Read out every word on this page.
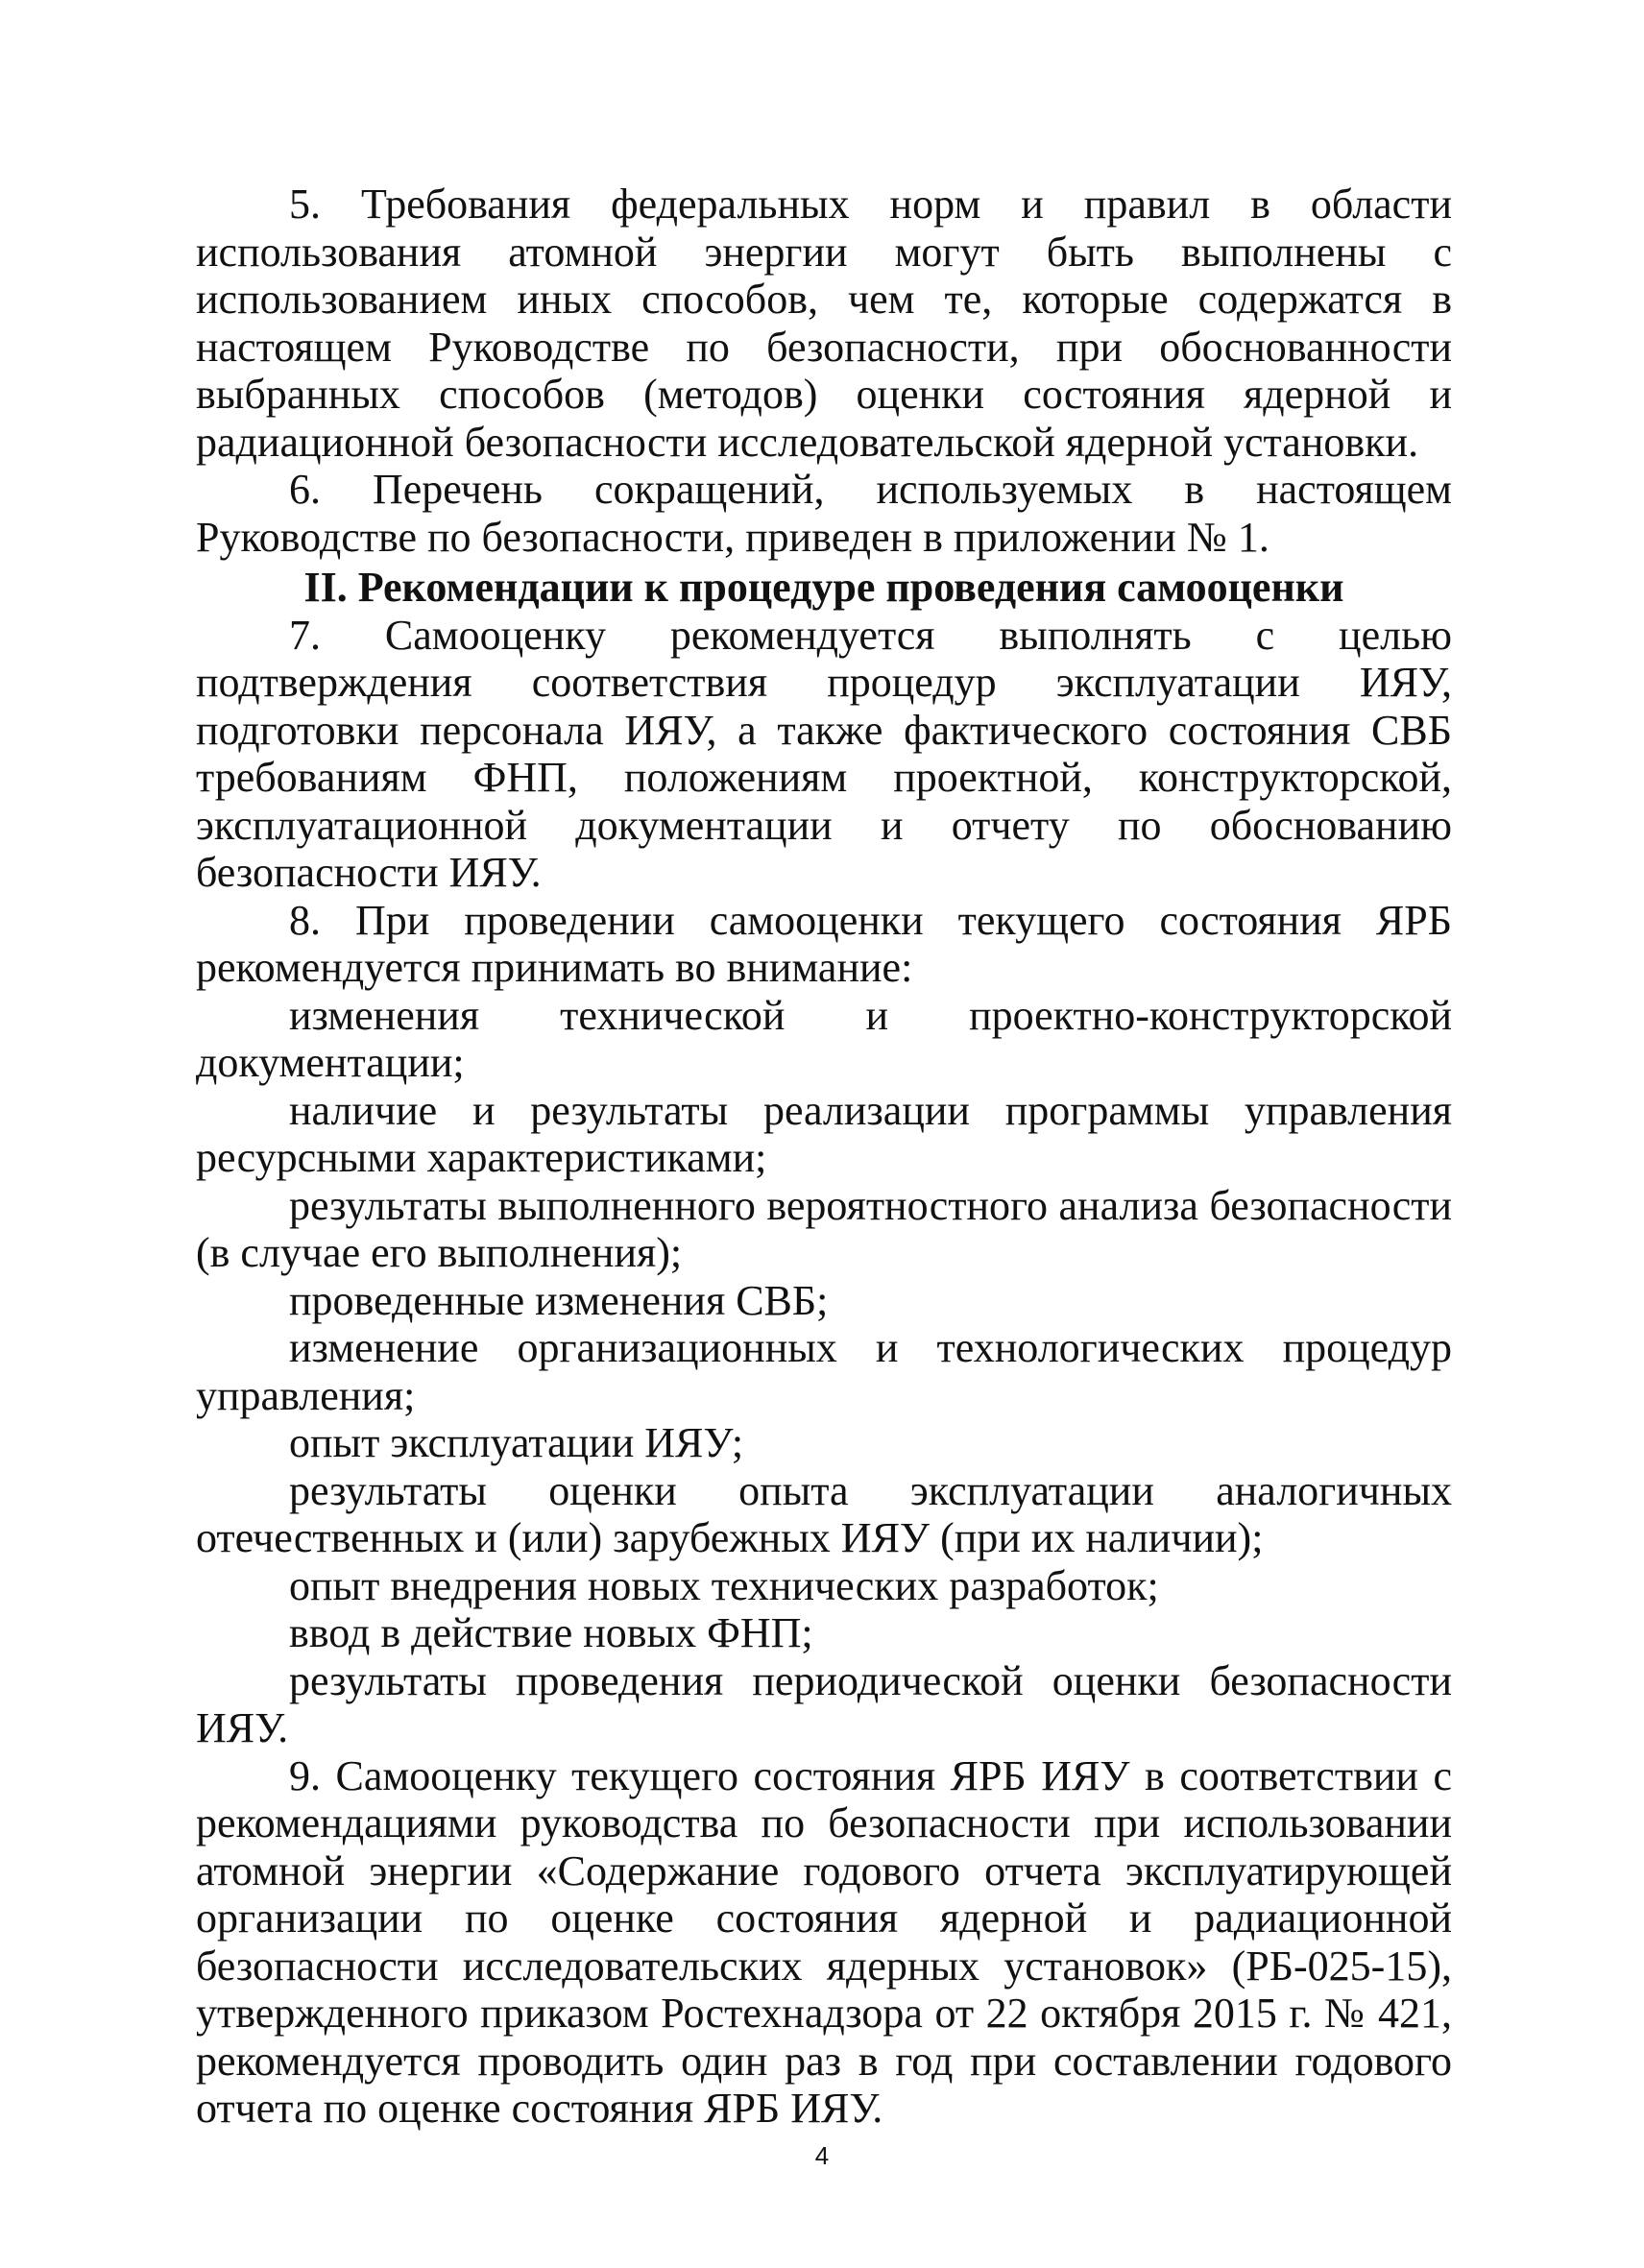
5. Требования федеральных норм и правил в области использования атомной энергии могут быть выполнены с использованием иных способов, чем те, которые содержатся в настоящем Руководстве по безопасности, при обоснованности выбранных способов (методов) оценки состояния ядерной и радиационной безопасности исследовательской ядерной установки.

6. Перечень сокращений, используемых в настоящем Руководстве по безопасности, приведен в приложении № 1.

II. Рекомендации к процедуре проведения самооценки

7. Самооценку рекомендуется выполнять с целью подтверждения соответствия процедур эксплуатации ИЯУ, подготовки персонала ИЯУ, а также фактического состояния СВБ требованиям ФНП, положениям проектной, конструкторской, эксплуатационной документации и отчету по обоснованию безопасности ИЯУ.

8. При проведении самооценки текущего состояния ЯРБ рекомендуется принимать во внимание:

изменения технической и проектно-конструкторской документации;

наличие и результаты реализации программы управления ресурсными характеристиками;

результаты выполненного вероятностного анализа безопасности (в случае его выполнения);

проведенные изменения СВБ;

изменение организационных и технологических процедур управления;

опыт эксплуатации ИЯУ;

результаты оценки опыта эксплуатации аналогичных отечественных и (или) зарубежных ИЯУ (при их наличии);

опыт внедрения новых технических разработок;

ввод в действие новых ФНП;

результаты проведения периодической оценки безопасности ИЯУ.

9. Самооценку текущего состояния ЯРБ ИЯУ в соответствии с рекомендациями руководства по безопасности при использовании атомной энергии «Содержание годового отчета эксплуатирующей организации по оценке состояния ядерной и радиационной безопасности исследовательских ядерных установок» (РБ-025-15), утвержденного приказом Ростехнадзора от 22 октября 2015 г. № 421, рекомендуется проводить один раз в год при составлении годового отчета по оценке состояния ЯРБ ИЯУ.

4
